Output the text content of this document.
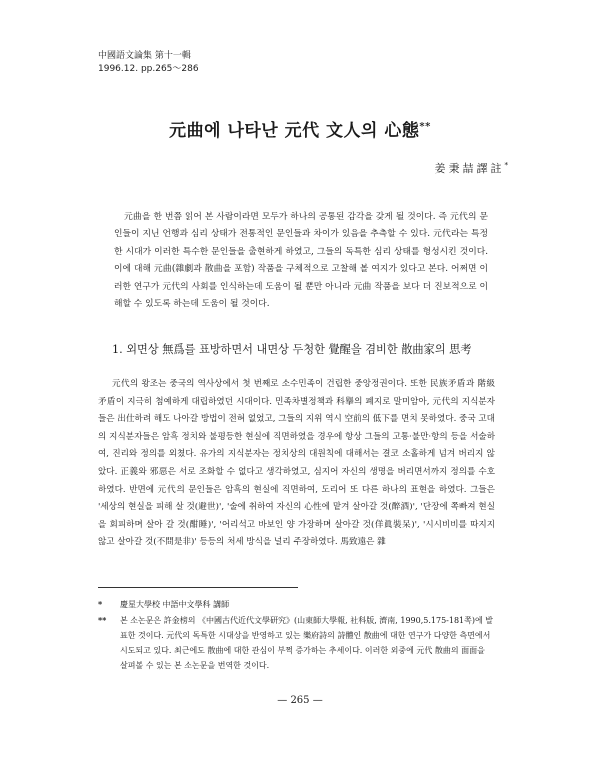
中國語文論集 第十一輯
1996.12. pp.265～286
元曲에 나타난 元代 文人의 心態**
姜秉喆譯註*

元曲을 한 번쯤 읽어 본 사람이라면 모두가 하나의 공통된 감각을 갖게 될 것이다. 즉 元代의 문인들이 지닌 언행과 심리 상태가 전통적인 문인들과 차이가 있음을 추측할 수 있다. 元代라는 특정한 시대가 이러한 특수한 문인들을 출현하게 하였고, 그들의 독특한 심리 상태를 형성시킨 것이다. 이에 대해 元曲(雜劇과 散曲을 포함) 작품을 구체적으로 고찰해 볼 여지가 있다고 본다. 어쩌면 이러한 연구가 元代의 사회를 인식하는데 도움이 될 뿐만 아니라 元曲 작품을 보다 더 진보적으로 이해할 수 있도록 하는데 도움이 될 것이다.

1. 외면상 無爲를 표방하면서 내면상 두청한 覺醒을 겸비한 散曲家의 思考

元代의 왕조는 중국의 역사상에서 첫 번째로 소수민족이 건립한 중앙정권이다. 또한 民族矛盾과 階級矛盾이 지극히 첨예하게 대립하였던 시대이다. 민족차별정책과 科擧의 폐지로 말미암아, 元代의 지식분자들은 出仕하려 해도 나아갈 방법이 전혀 없었고, 그들의 지위 역시 空前의 低下를 면치 못하였다. 중국 고대의 지식분자들은 암흑 정치와 불평등한 현실에 직면하였을 경우에 항상 그들의 고통·불만·항의 등을 서술하여, 진리와 정의를 외쳤다. 유가의 지식분자는 정치상의 대원칙에 대해서는 결코 소홀하게 넘겨 버리지 않았다. 正義와 邪惡은 서로 조화할 수 없다고 생각하였고, 심지어 자신의 생명을 버리면서까지 정의를 수호하였다. 반면에 元代의 문인들은 암흑의 현실에 직면하여, 도리어 또 다른 하나의 표현을 하였다. 그들은 '세상의 현실을 피해 살 것(避世)', '술에 취하여 자신의 心性에 맡겨 살아갈 것(醉酒)', '단장에 쪽빠져 현실을 회피하며 살아 갈 것(酣睡)', '어리석고 바보인 양 가장하며 살아갈 것(佯眞裝呆)', '시시비비를 따지지 않고 살아갈 것(不問是非)' 등등의 처세 방식을 널리 주장하였다. 馬致遠은 雜

*	慶星大學校 中語中文學科 講師
**	본 소논문은 許金榜의 《中國古代近代文學研究》(山東師大學報, 社科版, 濟南, 1990,5.175-181쪽)에 발표한 것이다. 元代의 독특한 시대상을 반영하고 있는 樂府詩의 詩體인 散曲에 대한 연구가 다양한 측면에서 시도되고 있다. 최근에도 散曲에 대한 관심이 부쩍 증가하는 추세이다. 이러한 외중에 元代 散曲의 面面을 살펴볼 수 있는 본 소논문을 번역한 것이다.
— 265 —
